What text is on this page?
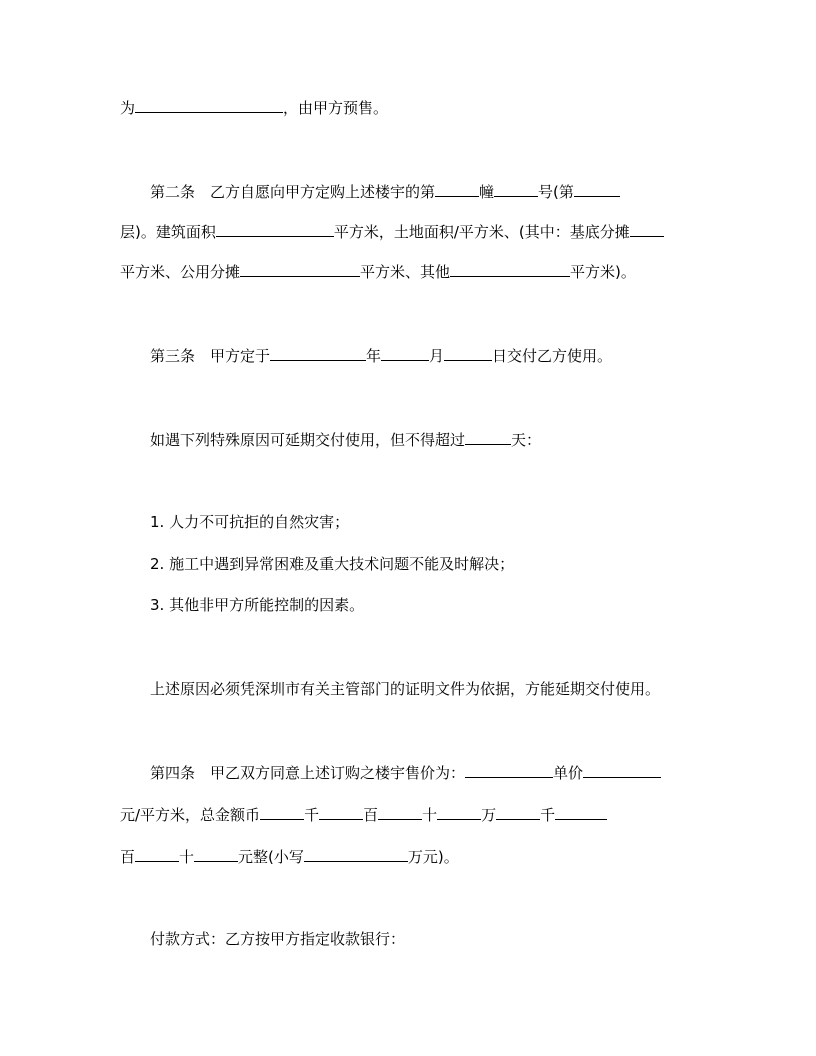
为	，由甲方预售。
第二条　乙方自愿向甲方定购上述楼宇的第	幢	号(第
层)。建筑面积	平方米，土地面积/平方米、(其中：基底分摊
平方米、公用分摊	平方米、其他	平方米)。
第三条　甲方定于	年	月	日交付乙方使用。
如遇下列特殊原因可延期交付使用，但不得超过	天：
1. 人力不可抗拒的自然灾害；
2. 施工中遇到异常困难及重大技术问题不能及时解决；
3. 其他非甲方所能控制的因素。
上述原因必须凭深圳市有关主管部门的证明文件为依据，方能延期交付使用。
第四条　甲乙双方同意上述订购之楼宇售价为：	单价
元/平方米，总金额币	千	百	十	万	千
百	十	元整(小写	万元)。
付款方式：乙方按甲方指定收款银行：
